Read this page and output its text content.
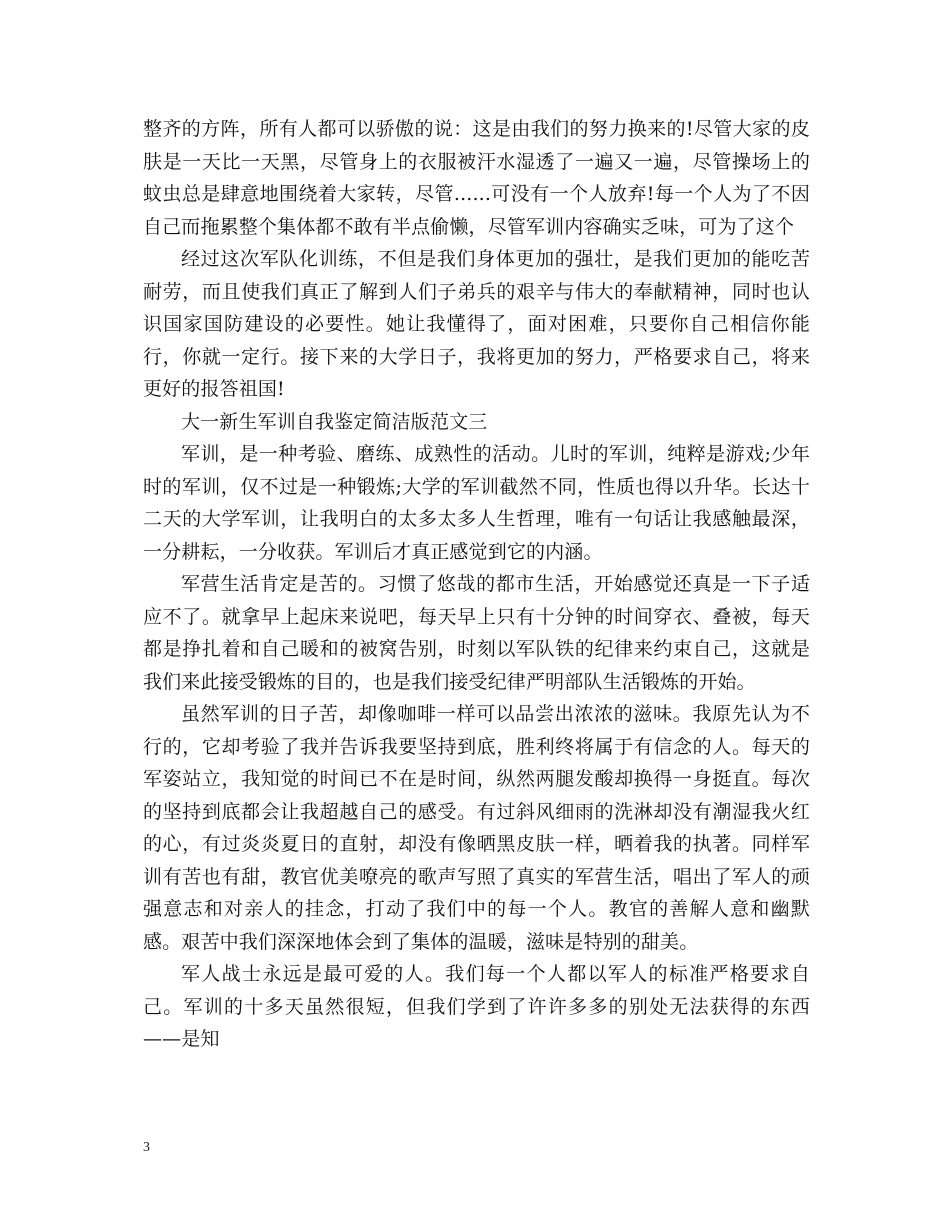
整齐的方阵，所有人都可以骄傲的说：这是由我们的努力换来的!尽管大家的皮肤是一天比一天黑，尽管身上的衣服被汗水湿透了一遍又一遍，尽管操场上的蚊虫总是肆意地围绕着大家转，尽管......可没有一个人放弃!每一个人为了不因自己而拖累整个集体都不敢有半点偷懒，尽管军训内容确实乏味，可为了这个

经过这次军队化训练，不但是我们身体更加的强壮，是我们更加的能吃苦耐劳，而且使我们真正了解到人们子弟兵的艰辛与伟大的奉献精神，同时也认识国家国防建设的必要性。她让我懂得了，面对困难，只要你自己相信你能行，你就一定行。接下来的大学日子，我将更加的努力，严格要求自己，将来更好的报答祖国!

大一新生军训自我鉴定简洁版范文三

军训，是一种考验、磨练、成熟性的活动。儿时的军训，纯粹是游戏;少年时的军训，仅不过是一种锻炼;大学的军训截然不同，性质也得以升华。长达十二天的大学军训，让我明白的太多太多人生哲理，唯有一句话让我感触最深，一分耕耘，一分收获。军训后才真正感觉到它的内涵。

军营生活肯定是苦的。习惯了悠哉的都市生活，开始感觉还真是一下子适应不了。就拿早上起床来说吧，每天早上只有十分钟的时间穿衣、叠被，每天都是挣扎着和自己暖和的被窝告别，时刻以军队铁的纪律来约束自己，这就是我们来此接受锻炼的目的，也是我们接受纪律严明部队生活锻炼的开始。

虽然军训的日子苦，却像咖啡一样可以品尝出浓浓的滋味。我原先认为不行的，它却考验了我并告诉我要坚持到底，胜利终将属于有信念的人。每天的军姿站立，我知觉的时间已不在是时间，纵然两腿发酸却换得一身挺直。每次的坚持到底都会让我超越自己的感受。有过斜风细雨的洗淋却没有潮湿我火红的心，有过炎炎夏日的直射，却没有像晒黑皮肤一样，晒着我的执著。同样军训有苦也有甜，教官优美嘹亮的歌声写照了真实的军营生活，唱出了军人的顽强意志和对亲人的挂念，打动了我们中的每一个人。教官的善解人意和幽默感。艰苦中我们深深地体会到了集体的温暖，滋味是特别的甜美。

军人战士永远是最可爱的人。我们每一个人都以军人的标准严格要求自己。军训的十多天虽然很短，但我们学到了许许多多的别处无法获得的东西——是知

3
